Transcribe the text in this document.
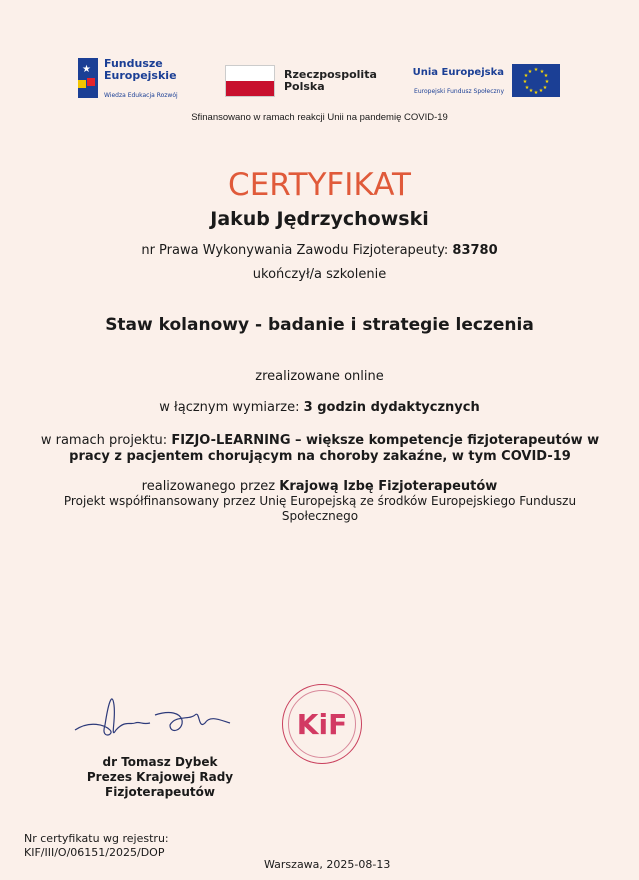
★ Fundusze
Europejskie
Wiedza Edukacja Rozwój
Rzeczpospolita
Polska
Unia Europejska
Europejski Fundusz Społeczny
★ ★
★
★
★
★
★
★
★
★
★
★
Sfinansowano w ramach reakcji Unii na pandemię COVID-19
CERTYFIKAT
Jakub Jędrzychowski
nr Prawa Wykonywania Zawodu Fizjoterapeuty: 83780
ukończył/a szkolenie
Staw kolanowy - badanie i strategie leczenia
zrealizowane online
w łącznym wymiarze: 3 godzin dydaktycznych
w ramach projektu: FIZJO-LEARNING – większe kompetencje fizjoterapeutów w pracy z pacjentem chorującym na choroby zakaźne, w tym COVID-19
realizowanego przez Krajową Izbę Fizjoterapeutów
Projekt współfinansowany przez Unię Europejską ze środków Europejskiego Funduszu Społecznego
dr Tomasz Dybek
Prezes Krajowej Rady
Fizjoterapeutów
KiF
Nr certyfikatu wg rejestru:
KIF/III/O/06151/2025/DOP
Warszawa, 2025-08-13
